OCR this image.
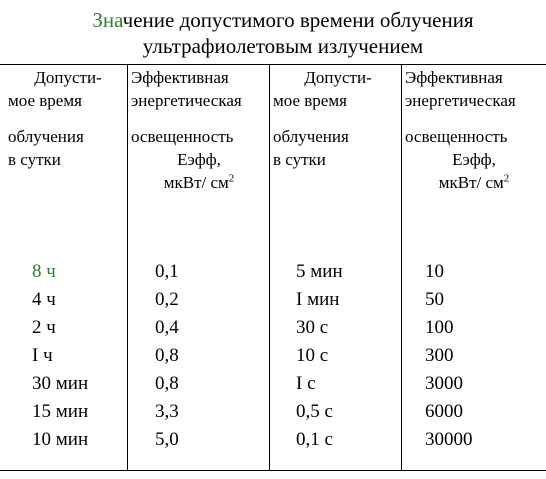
Значение допустимого времени облучения
ультрафиолетовым излучением
Допусти-
мое время
облучения
в сутки
Эффективная
энергетическая
освещенность
Еэфф,
мкВт/ $см^2$
Допусти-
мое время
облучения
в сутки
Эффективная
энергетическая
освещенность
Еэфф,
мкВт/ $см^2$
8 ч
4 ч
2 ч
I ч
30 мин
15 мин
10 мин
0,1
0,2
0,4
0,8
0,8
3,3
5,0
5 мин
I мин
30 с
10 с
I с
0,5 с
0,1 с
10
50
100
300
3000
6000
30000
